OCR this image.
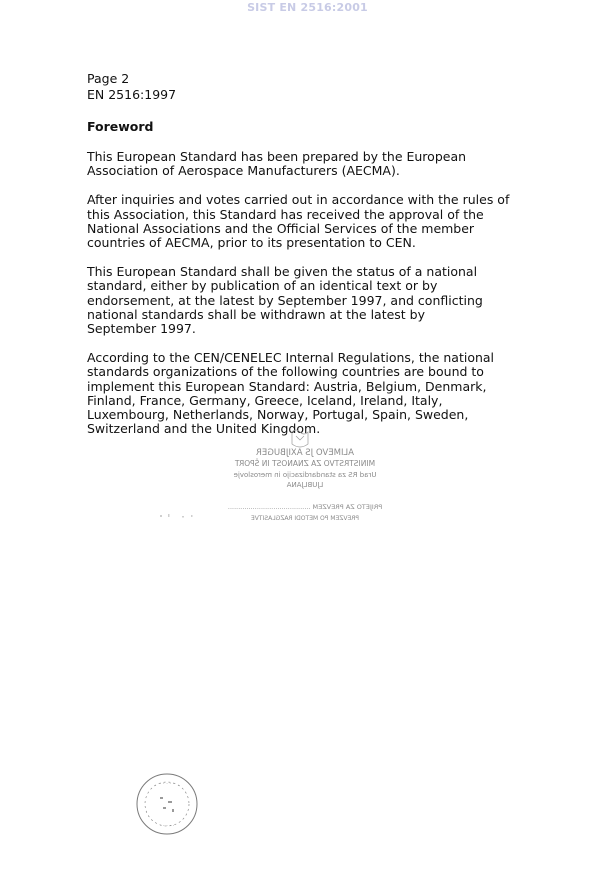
SIST EN 2516:2001
Page 2
EN 2516:1997
Foreword

This European Standard has been prepared by the European
Association of Aerospace Manufacturers (AECMA).

After inquiries and votes carried out in accordance with the rules of
this Association, this Standard has received the approval of the
National Associations and the Official Services of the member
countries of AECMA, prior to its presentation to CEN.

This European Standard shall be given the status of a national
standard, either by publication of an identical text or by
endorsement, at the latest by September 1997, and conflicting
national standards shall be withdrawn at the latest by
September 1997.

According to the CEN/CENELEC Internal Regulations, the national
standards organizations of the following countries are bound to
implement this European Standard: Austria, Belgium, Denmark,
Finland, France, Germany, Greece, Iceland, Ireland, Italy,
Luxembourg, Netherlands, Norway, Portugal, Spain, Sweden,
Switzerland and the United Kingdom.

ALIMEVO JS AXIJBUGER
MINISTRSTVO ZA ZNANOST IN ŠPORT
Urad RS za standardizacijo in meroslovje
LJUBLJANA
PRIJETO ZA PREVZEM ........................................
PREVZEM PO METODI RAZGLASITVE
· · · · ·
· · · · ·
